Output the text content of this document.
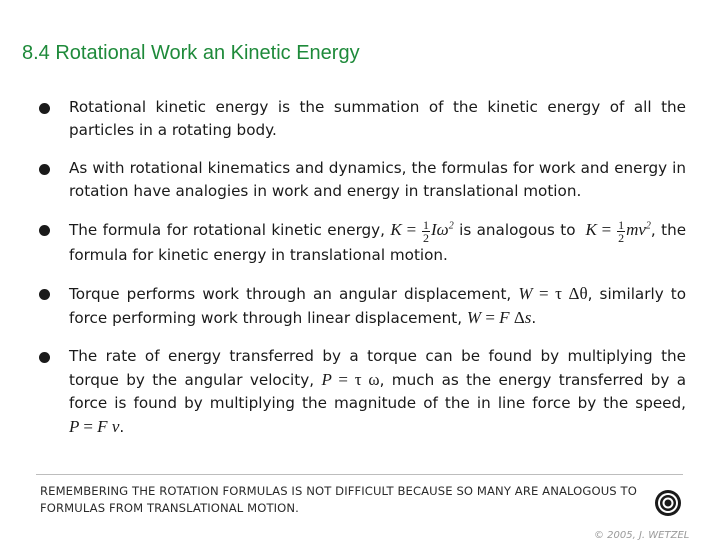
8.4 Rotational Work an Kinetic Energy
Rotational kinetic energy is the summation of the kinetic energy of all the particles in a rotating body.
As with rotational kinematics and dynamics, the formulas for work and energy in rotation have analogies in work and energy in translational motion.
The formula for rotational kinetic energy, $K = \frac{1}{2} I\omega^2$ is analogous to $K = \frac{1}{2} mv^2$, the formula for kinetic energy in translational motion.
Torque performs work through an angular displacement, W = τ Δθ, similarly to force performing work through linear displacement, W = F Δs.
The rate of energy transferred by a torque can be found by multiplying the torque by the angular velocity, P = τ ω, much as the energy transferred by a force is found by multiplying the magnitude of the in line force by the speed, P = F v.
REMEMBERING THE ROTATION FORMULAS IS NOT DIFFICULT BECAUSE SO MANY ARE ANALOGOUS TO FORMULAS FROM TRANSLATIONAL MOTION.
© 2005, J. WETZEL
